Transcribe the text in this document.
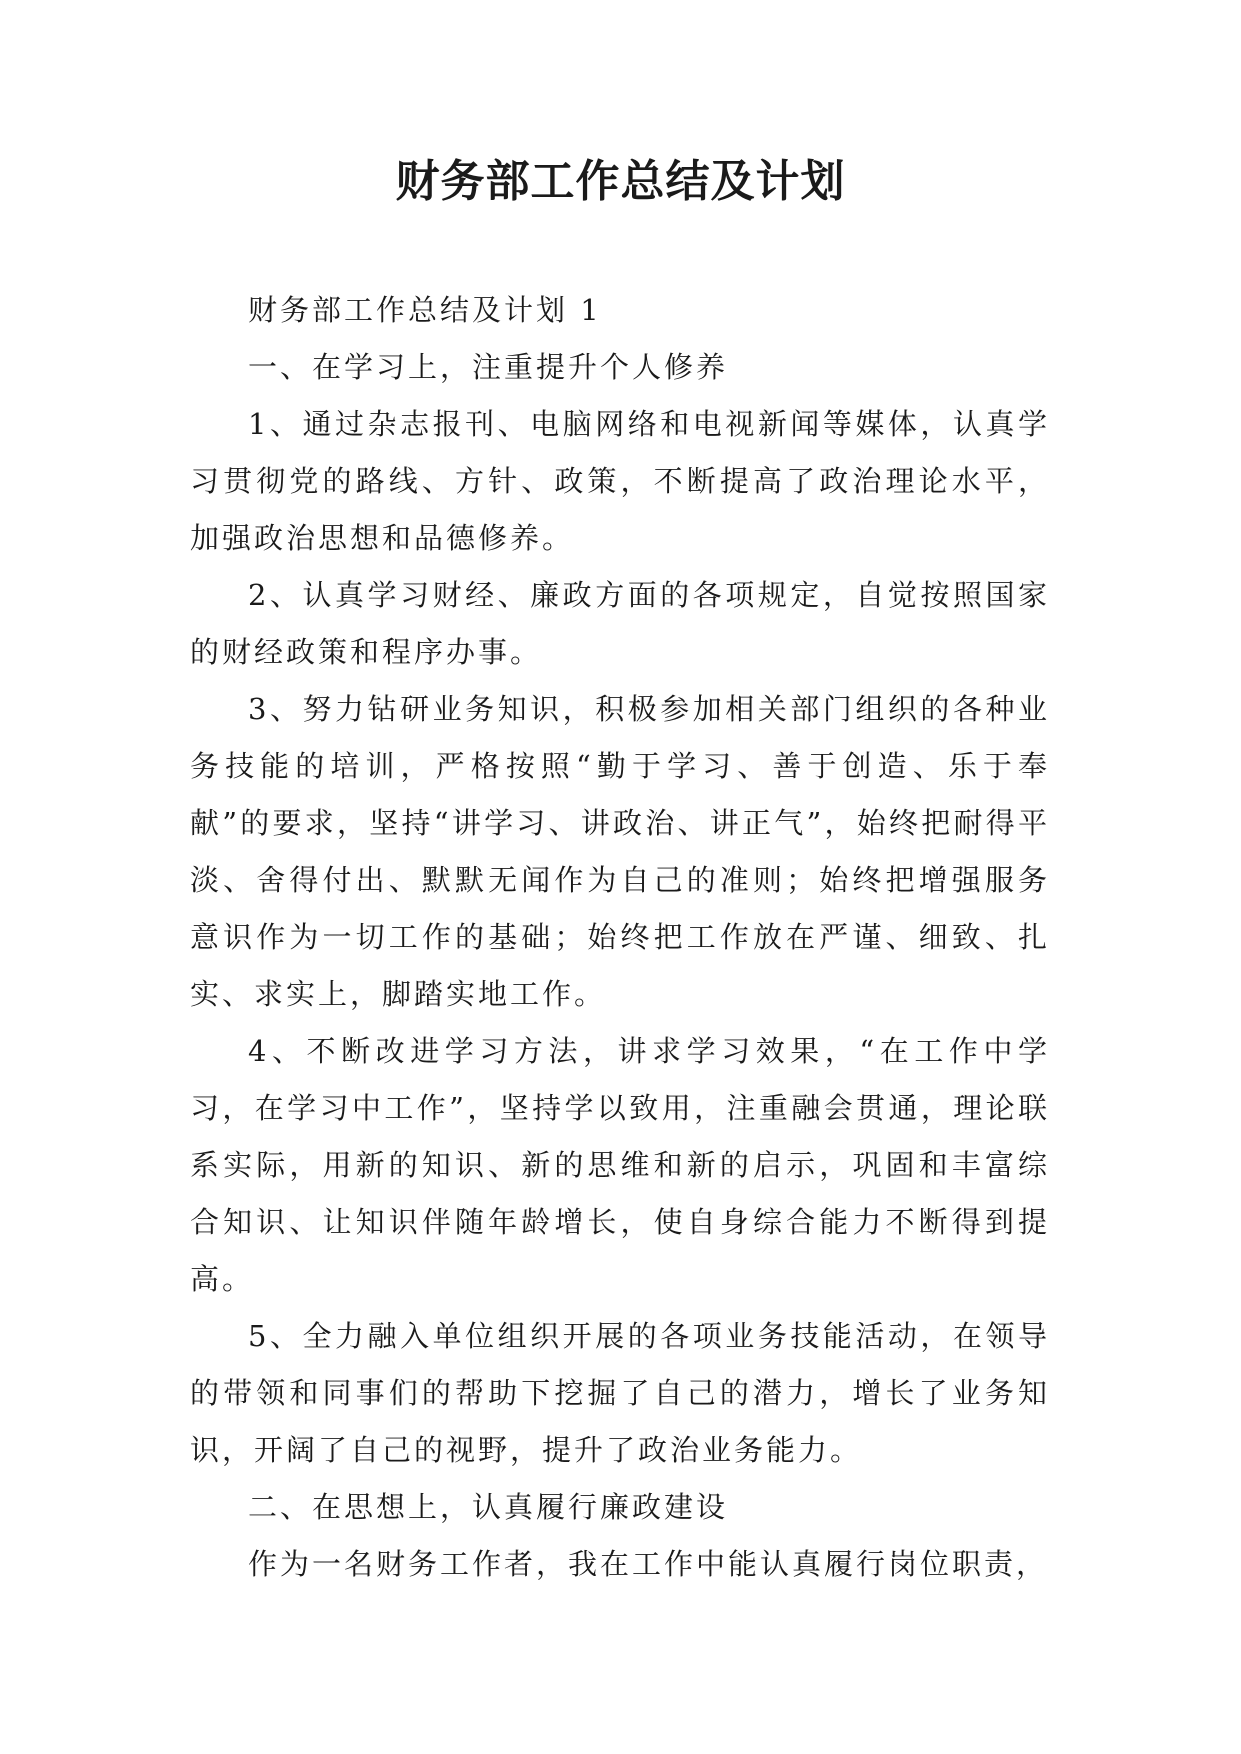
财务部工作总结及计划

财务部工作总结及计划 1

一、在学习上，注重提升个人修养

1、通过杂志报刊、电脑网络和电视新闻等媒体，认真学习贯彻党的路线、方针、政策，不断提高了政治理论水平，加强政治思想和品德修养。

2、认真学习财经、廉政方面的各项规定，自觉按照国家的财经政策和程序办事。

3、努力钻研业务知识，积极参加相关部门组织的各种业务技能的培训，严格按照“勤于学习、善于创造、乐于奉献”的要求，坚持“讲学习、讲政治、讲正气”，始终把耐得平淡、舍得付出、默默无闻作为自己的准则；始终把增强服务意识作为一切工作的基础；始终把工作放在严谨、细致、扎实、求实上，脚踏实地工作。

4、不断改进学习方法，讲求学习效果，“在工作中学习，在学习中工作”，坚持学以致用，注重融会贯通，理论联系实际，用新的知识、新的思维和新的启示，巩固和丰富综合知识、让知识伴随年龄增长，使自身综合能力不断得到提高。

5、全力融入单位组织开展的各项业务技能活动，在领导的带领和同事们的帮助下挖掘了自己的潜力，增长了业务知识，开阔了自己的视野，提升了政治业务能力。

二、在思想上，认真履行廉政建设

作为一名财务工作者，我在工作中能认真履行岗位职责，
